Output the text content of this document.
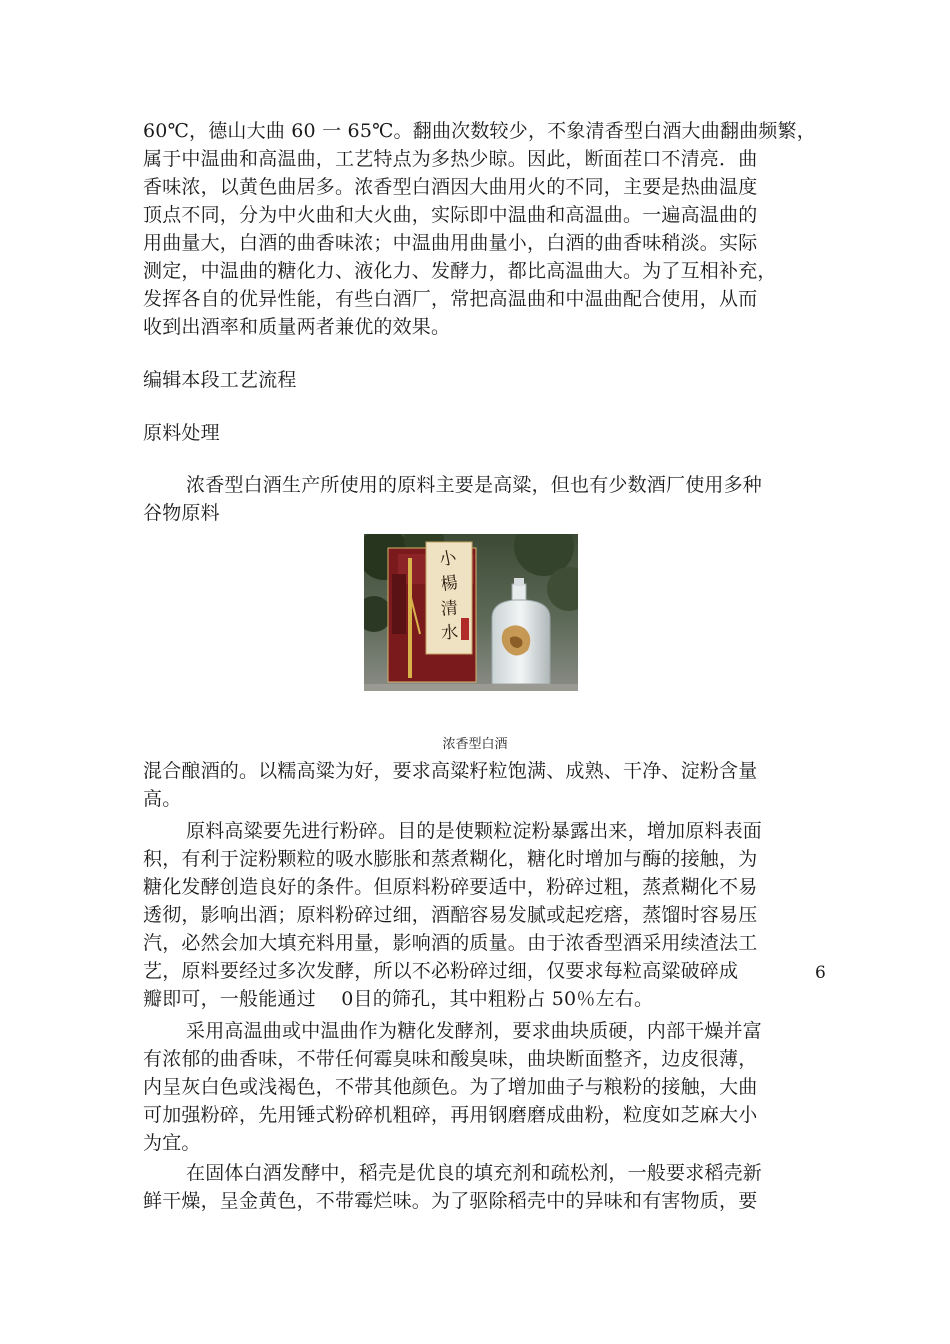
60℃，德山大曲 60 一 65℃。翻曲次数较少，不象清香型白酒大曲翻曲频繁，
属于中温曲和高温曲，工艺特点为多热少晾。因此，断面茬口不清亮．曲
香味浓，以黄色曲居多。浓香型白酒因大曲用火的不同，主要是热曲温度
顶点不同，分为中火曲和大火曲，实际即中温曲和高温曲。一遍高温曲的
用曲量大，白酒的曲香味浓；中温曲用曲量小，白酒的曲香味稍淡。实际
测定，中温曲的糖化力、液化力、发酵力，都比高温曲大。为了互相补充，
发挥各自的优异性能，有些白酒厂，常把高温曲和中温曲配合使用，从而
收到出酒率和质量两者兼优的效果。
编辑本段工艺流程
原料处理
浓香型白酒生产所使用的原料主要是高粱，但也有少数酒厂使用多种
谷物原料
小
楊
清
水
浓香型白酒
混合酿酒的。以糯高粱为好，要求高粱籽粒饱满、成熟、干净、淀粉含量
高。
原料高粱要先进行粉碎。目的是使颗粒淀粉暴露出来，增加原料表面
积，有利于淀粉颗粒的吸水膨胀和蒸煮糊化，糖化时增加与酶的接触，为
糖化发酵创造良好的条件。但原料粉碎要适中，粉碎过粗，蒸煮糊化不易
透彻，影响出酒；原料粉碎过细，酒醅容易发腻或起疙瘩，蒸馏时容易压
汽，必然会加大填充料用量，影响酒的质量。由于浓香型酒采用续渣法工
艺，原料要经过多次发酵，所以不必粉碎过细，仅要求每粒高粱破碎成
瓣即可，一般能通过　 0目的筛孔，其中粗粉占 50％左右。
6
采用高温曲或中温曲作为糖化发酵剂，要求曲块质硬，内部干燥并富
有浓郁的曲香味，不带任何霉臭味和酸臭味，曲块断面整齐，边皮很薄，
内呈灰白色或浅褐色，不带其他颜色。为了增加曲子与粮粉的接触，大曲
可加强粉碎，先用锤式粉碎机粗碎，再用钢磨磨成曲粉，粒度如芝麻大小
为宜。
在固体白酒发酵中，稻壳是优良的填充剂和疏松剂，一般要求稻壳新
鲜干燥，呈金黄色，不带霉烂味。为了驱除稻壳中的异味和有害物质，要
